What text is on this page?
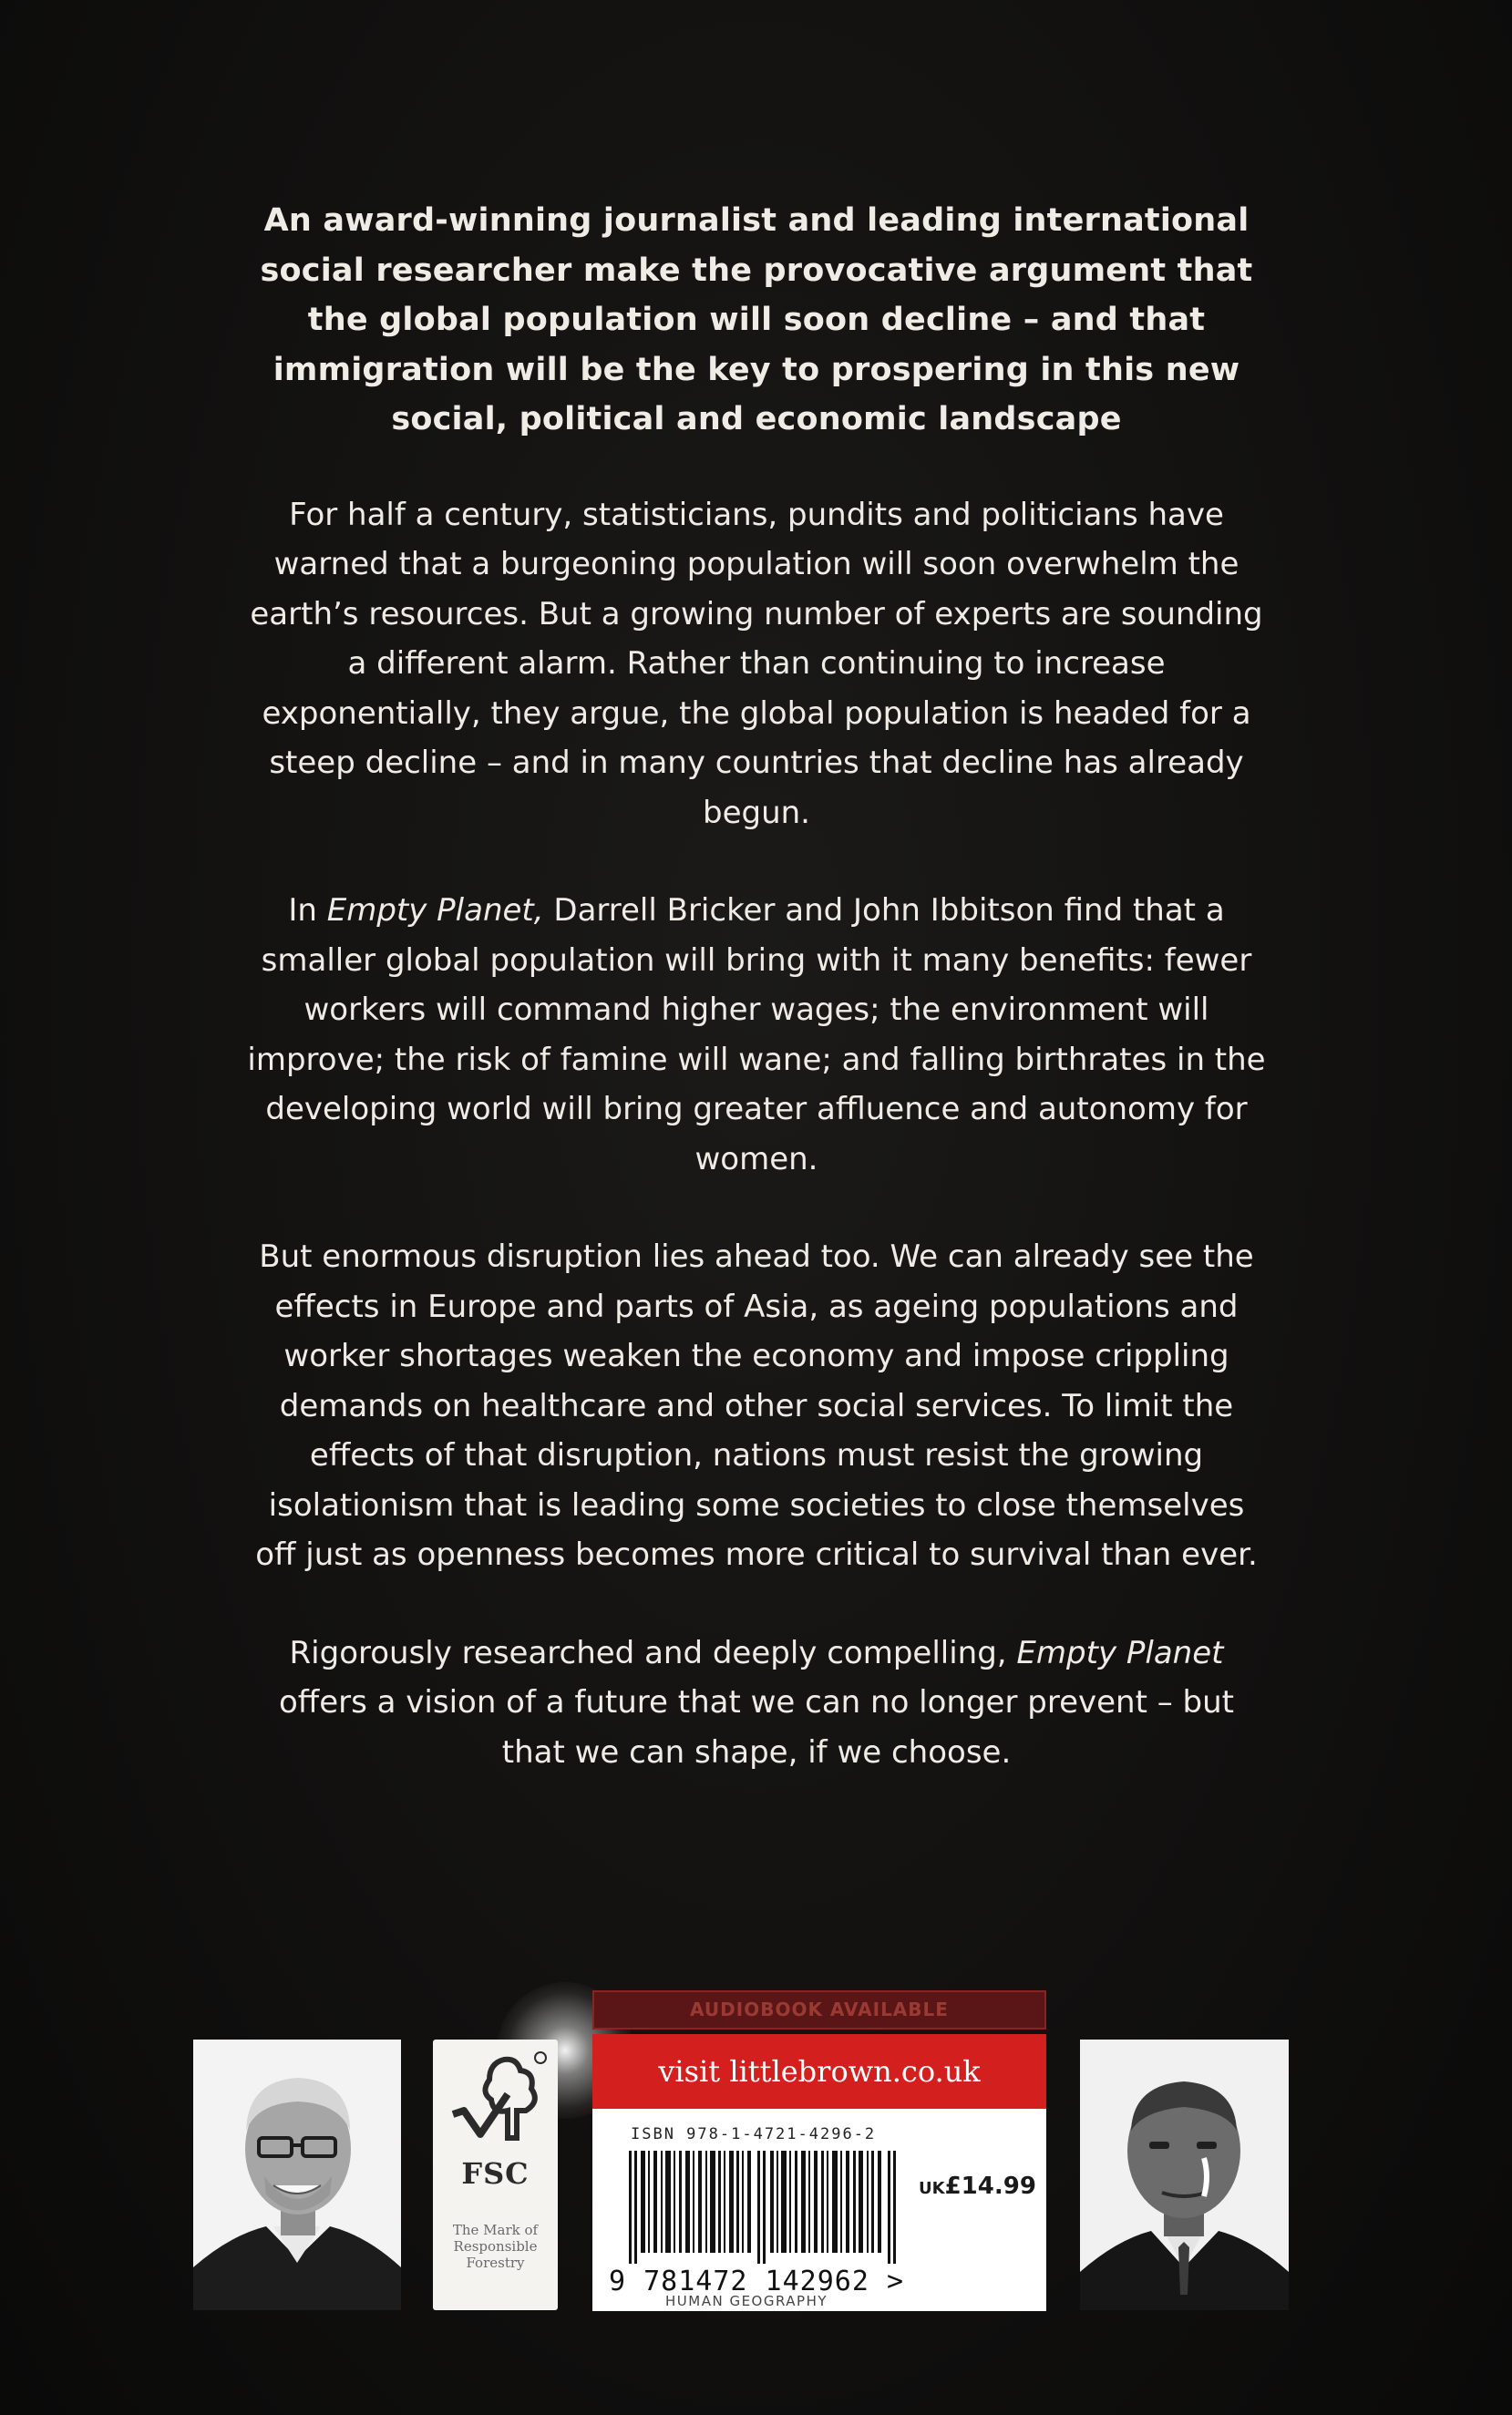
An award-winning journalist and leading international social researcher make the provocative argument that the global population will soon decline – and that immigration will be the key to prospering in this new social, political and economic landscape

For half a century, statisticians, pundits and politicians have warned that a burgeoning population will soon overwhelm the earth’s resources. But a growing number of experts are sounding a different alarm. Rather than continuing to increase exponentially, they argue, the global population is headed for a steep decline – and in many countries that decline has already begun.

In Empty Planet, Darrell Bricker and John Ibbitson find that a smaller global population will bring with it many benefits: fewer workers will command higher wages; the environment will improve; the risk of famine will wane; and falling birthrates in the developing world will bring greater affluence and autonomy for women.

But enormous disruption lies ahead too. We can already see the effects in Europe and parts of Asia, as ageing populations and worker shortages weaken the economy and impose crippling demands on healthcare and other social services. To limit the effects of that disruption, nations must resist the growing isolationism that is leading some societies to close themselves off just as openness becomes more critical to survival than ever.

Rigorously researched and deeply compelling, Empty Planet offers a vision of a future that we can no longer prevent – but that we can shape, if we choose.

FSC
The Mark of
Responsible
Forestry
AUDIOBOOK AVAILABLE
visit littlebrown.co.uk
ISBN 978-1-4721-4296-2
UK£14.99
9 781472 142962 >
HUMAN GEOGRAPHY
